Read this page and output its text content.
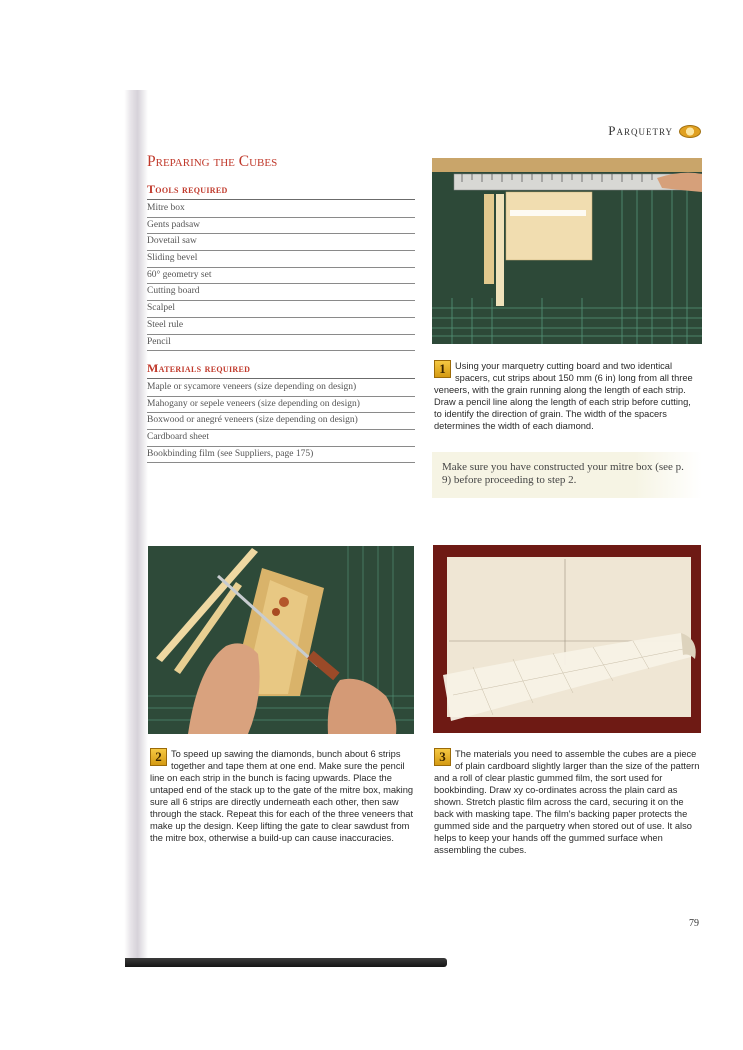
Parquetry
Preparing the Cubes
Tools required
Mitre box
Gents padsaw
Dovetail saw
Sliding bevel
60° geometry set
Cutting board
Scalpel
Steel rule
Pencil
Materials required
Maple or sycamore veneers (size depending on design)
Mahogany or sepele veneers (size depending on design)
Boxwood or anegré veneers (size depending on design)
Cardboard sheet
Bookbinding film (see Suppliers, page 175)
1 Using your marquetry cutting board and two identical spacers, cut strips about 150 mm (6 in) long from all three veneers, with the grain running along the length of each strip. Draw a pencil line along the length of each strip before cutting, to identify the direction of grain. The width of the spacers determines the width of each diamond.
Make sure you have constructed your mitre box (see p. 9) before proceeding to step 2.
2 To speed up sawing the diamonds, bunch about 6 strips together and tape them at one end. Make sure the pencil line on each strip in the bunch is facing upwards. Place the untaped end of the stack up to the gate of the mitre box, making sure all 6 strips are directly underneath each other, then saw through the stack. Repeat this for each of the three veneers that make up the design. Keep lifting the gate to clear sawdust from the mitre box, otherwise a build-up can cause inaccuracies.
3 The materials you need to assemble the cubes are a piece of plain cardboard slightly larger than the size of the pattern and a roll of clear plastic gummed film, the sort used for bookbinding. Draw xy co-ordinates across the plain card as shown. Stretch plastic film across the card, securing it on the back with masking tape. The film's backing paper protects the gummed side and the parquetry when stored out of use. It also helps to keep your hands off the gummed surface when assembling the cubes.
79
